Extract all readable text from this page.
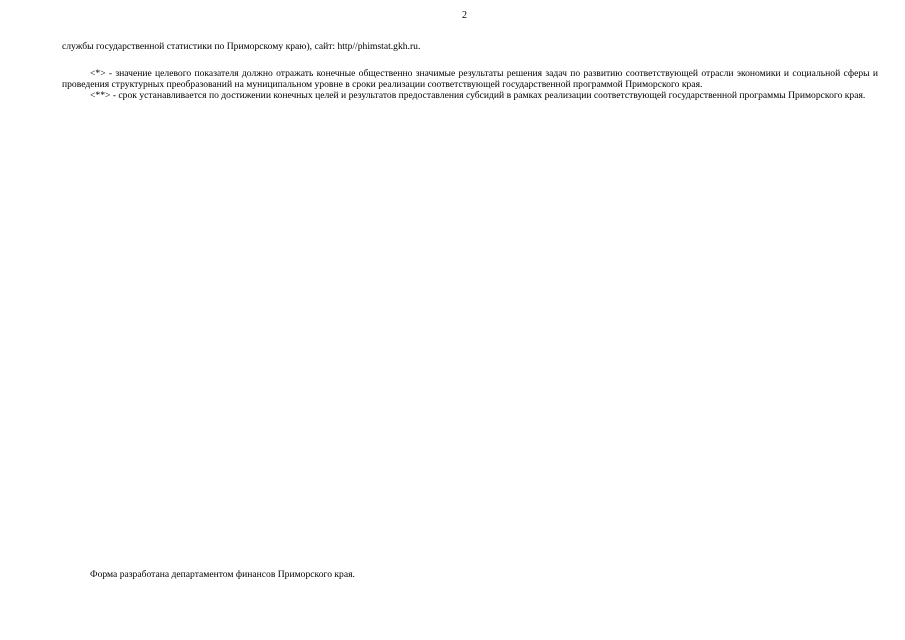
2
службы государственной статистики по Приморскому краю), сайт: http//phimstat.gkh.ru.

<*> - значение целевого показателя должно отражать конечные общественно значимые результаты решения задач по развитию соответствующей отрасли экономики и социальной сферы и проведения структурных преобразований на муниципальном уровне в сроки реализации соответствующей государственной программой Приморского края.

<**> - срок устанавливается по достижении конечных целей и результатов предоставления субсидий в рамках реализации соответствующей государственной программы Приморского края.

Форма разработана департаментом финансов Приморского края.
